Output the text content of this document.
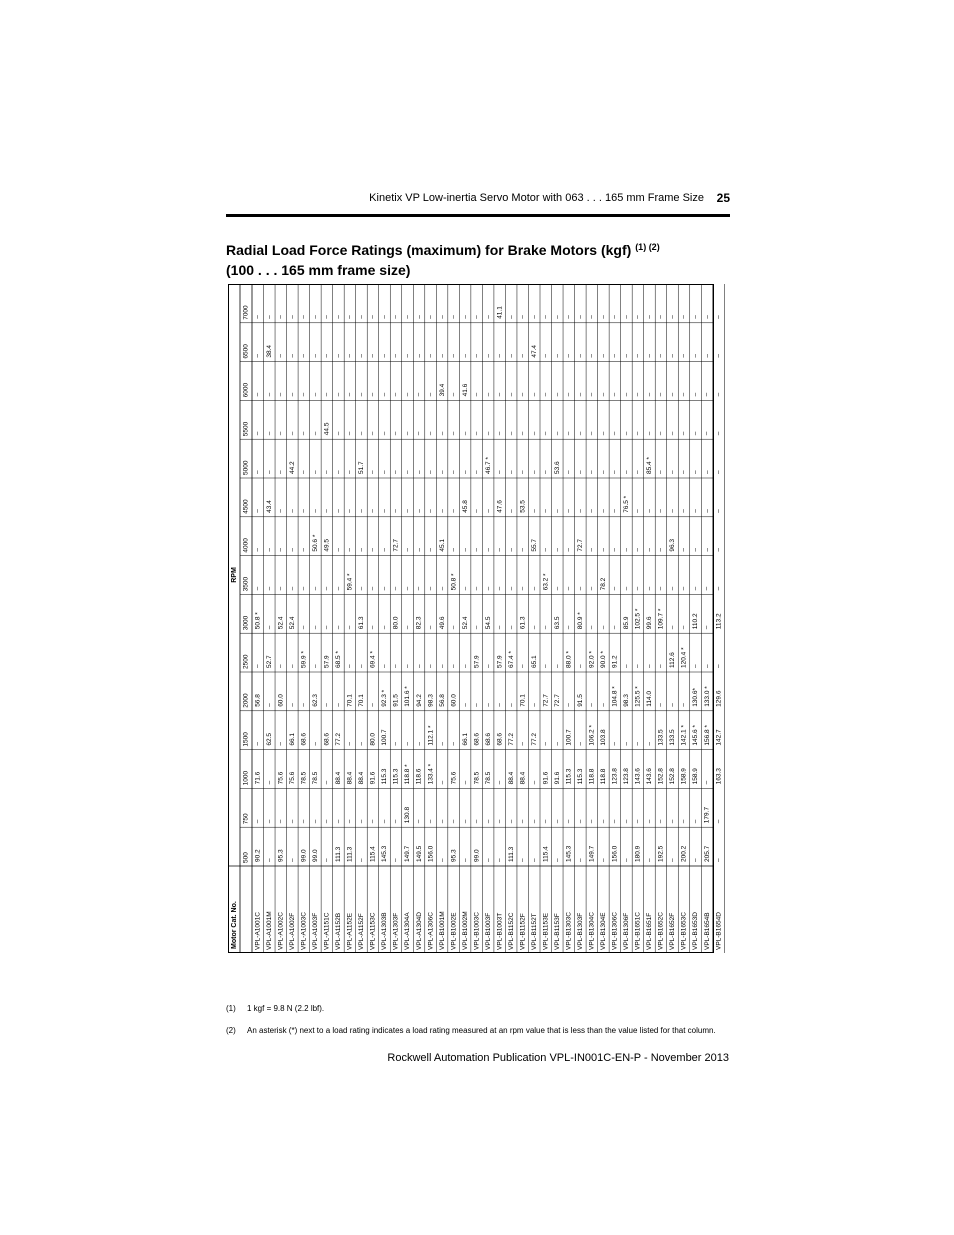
Kinetix VP Low-inertia Servo Motor with 063 . . . 165 mm Frame Size 25
Radial Load Force Ratings (maximum) for Brake Motors (kgf) $^{(1) (2)}$
(100 . . . 165 mm frame size)
Motor Cat. No.
RPM
500
750
1000
1500
2000
2500
3000
3500
4000
4500
5000
5500
6000
6500
7000
VPL-A1001C
90.2
–
71.6
–
56.8
–
50.8 *
–
–
–
–
–
–
–
–
VPL-A1001M
–
–
–
62.5
–
52.7
–
–
–
43.4
–
–
–
38.4
–
VPL-A1002C
95.3
–
75.6
–
60.0
–
52.4
–
–
–
–
–
–
–
–
VPL-A1002F
–
–
75.6
66.1
–
–
52.4
–
–
–
44.2
–
–
–
–
VPL-A1003C
99.0
–
78.5
68.6
–
59.9 *
–
–
–
–
–
–
–
–
–
VPL-A1003F
99.0
–
78.5
–
62.3
–
–
–
50.6 *
–
–
–
–
–
–
VPL-A1151C
–
–
–
68.6
–
57.9
–
–
49.5
–
–
44.5
–
–
–
VPL-A1152B
111.3
–
88.4
77.2
–
68.5 *
–
–
–
–
–
–
–
–
–
VPL-A1152E
111.3
–
88.4
–
70.1
–
–
59.4 *
–
–
–
–
–
–
–
VPL-A1152F
–
–
88.4
–
70.1
–
61.3
–
–
–
51.7
–
–
–
–
VPL-A1153C
115.4
–
91.6
80.0
–
69.4 *
–
–
–
–
–
–
–
–
–
VPL-A1303B
145.3
–
115.3
100.7
92.3 *
–
–
–
–
–
–
–
–
–
–
VPL-A1303F
–
–
115.3
–
91.5
–
80.0
–
72.7
–
–
–
–
–
–
VPL-A1304A
149.7
130.8
118.8 *
–
101.6 *
–
–
–
–
–
–
–
–
–
–
VPL-A1304D
149.5
–
118.6
–
94.2
–
82.3
–
–
–
–
–
–
–
–
VPL-A1306C
156.0
–
133.4 *
112.1 *
98.3
–
–
–
–
–
–
–
–
–
–
VPL-B1001M
–
–
–
–
56.8
–
49.6
–
45.1
–
–
–
39.4
–
–
VPL-B1002E
95.3
–
75.6
–
60.0
–
–
50.8 *
–
–
–
–
–
–
–
VPL-B1002M
–
–
–
66.1
–
–
52.4
–
–
45.8
–
–
41.6
–
–
VPL-B1003C
99.0
–
78.5
68.6
–
57.9
–
–
–
–
–
–
–
–
–
VPL-B1003F
–
–
78.5
68.6
–
–
54.5
–
–
–
46.7 *
–
–
–
–
VPL-B1003T
–
–
–
68.6
–
57.9
–
–
–
47.6
–
–
–
–
41.1
VPL-B1152C
111.3
–
88.4
77.2
–
67.4 *
–
–
–
–
–
–
–
–
–
VPL-B1152F
–
–
88.4
–
70.1
–
61.3
–
–
53.5
–
–
–
–
–
VPL-B1152T
–
–
–
77.2
–
65.1
–
–
55.7
–
–
–
–
47.4
–
VPL-B1153E
115.4
–
91.6
–
72.7
–
–
63.2 *
–
–
–
–
–
–
–
VPL-B1153F
–
–
91.6
–
72.7
–
63.5
–
–
–
53.6
–
–
–
–
VPL-B1303C
145.3
–
115.3
100.7
–
88.0 *
–
–
–
–
–
–
–
–
–
VPL-B1303F
–
–
115.3
–
91.5
–
80.9 *
–
72.7
–
–
–
–
–
–
VPL-B1304C
149.7
–
118.8
106.2 *
–
92.0 *
–
–
–
–
–
–
–
–
–
VPL-B1304E
–
–
118.8
103.8
–
90.0 *
–
78.2
–
–
–
–
–
–
–
VPL-B1306C
156.0
–
123.8
–
104.8 *
91.2
–
–
–
–
–
–
–
–
–
VPL-B1306F
–
–
123.8
–
98.3
–
85.9
–
–
76.5 *
–
–
–
–
–
VPL-B1651C
180.9
–
143.6
–
125.5 *
–
102.5 *
–
–
–
–
–
–
–
–
VPL-B1651F
–
–
143.6
–
114.0
–
99.6
–
–
–
85.4 *
–
–
–
–
VPL-B1652C
192.5
–
152.8
133.5
–
–
109.7 *
–
–
–
–
–
–
–
–
VPL-B1652F
–
–
152.8
133.5
–
112.6
–
–
96.3
–
–
–
–
–
–
VPL-B1653C
200.2
–
158.9
142.1 *
–
120.4 *
–
–
–
–
–
–
–
–
–
VPL-B1653D
–
–
158.9
145.6 *
130.6*
–
110.2
–
–
–
–
–
–
–
–
VPL-B1654B
205.7
179.7
–
156.8 *
133.0 *
–
–
–
–
–
–
–
–
–
–
VPL-B1654D
–
–
163.3
142.7
129.6
–
113.2
–
–
–
–
–
–
–
–
(1) 1 kgf = 9.8 N (2.2 lbf).
(2) An asterisk (*) next to a load rating indicates a load rating measured at an rpm value that is less than the value listed for that column.
Rockwell Automation Publication VPL-IN001C-EN-P - November 2013
